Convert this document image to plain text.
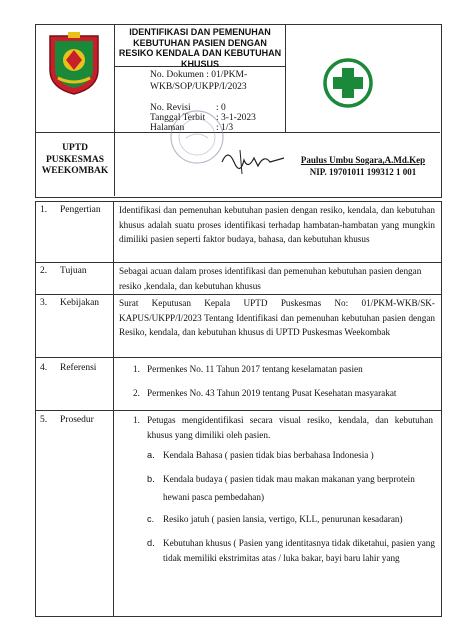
IDENTIFIKASI DAN PEMENUHAN KEBUTUHAN PASIEN DENGAN RESIKO KENDALA DAN KEBUTUHAN KHUSUS
No. Dokumen : 01/PKM-WKB/SOP/UKPP/I/2023
No. Revisi	: 0
Tanggal Terbit : 3-1-2023
Halaman	: 1/3
UPTD
PUSKESMAS
WEEKOMBAK
Paulus Umbu Sogara,A.Md.Kep
NIP. 19701011 199312 1 001
1. Pengertian Identifikasi dan pemenuhan kebutuhan pasien dengan resiko, kendala, dan kebutuhan khusus adalah suatu proses identifikasi terhadap hambatan-hambatan yang mungkin dimiliki pasien seperti faktor budaya, bahasa, dan kebutuhan khusus
2. Tujuan	Sebagai acuan dalam proses identifikasi dan pemenuhan kebutuhan pasien dengan resiko ,kendala, dan kebutuhan khusus
3. Kebijakan Surat Keputusan Kepala UPTD Puskesmas No: 01/PKM-WKB/SK-KAPUS/UKPP/I/2023 Tentang Identifikasi dan pemenuhan kebutuhan pasien dengan Resiko, kendala, dan kebutuhan khusus di UPTD Puskesmas Weekombak
4. Referensi	1. Permenkes No. 11 Tahun 2017 tentang keselamatan pasien
2. Permenkes No. 43 Tahun 2019 tentang Pusat Kesehatan masyarakat
5. Prosedur	1. Petugas mengidentifikasi secara visual resiko, kendala, dan kebutuhan khusus yang dimiliki oleh pasien.
a. Kendala Bahasa ( pasien tidak bias berbahasa Indonesia )
b. Kendala budaya ( pasien tidak mau makan makanan yang berprotein hewani pasca pembedahan)
c. Resiko jatuh ( pasien lansia, vertigo, KLL, penurunan kesadaran)
d. Kebutuhan khusus ( Pasien yang identitasnya tidak diketahui, pasien yang tidak memiliki ekstrimitas atas / luka bakar, bayi baru lahir yang
